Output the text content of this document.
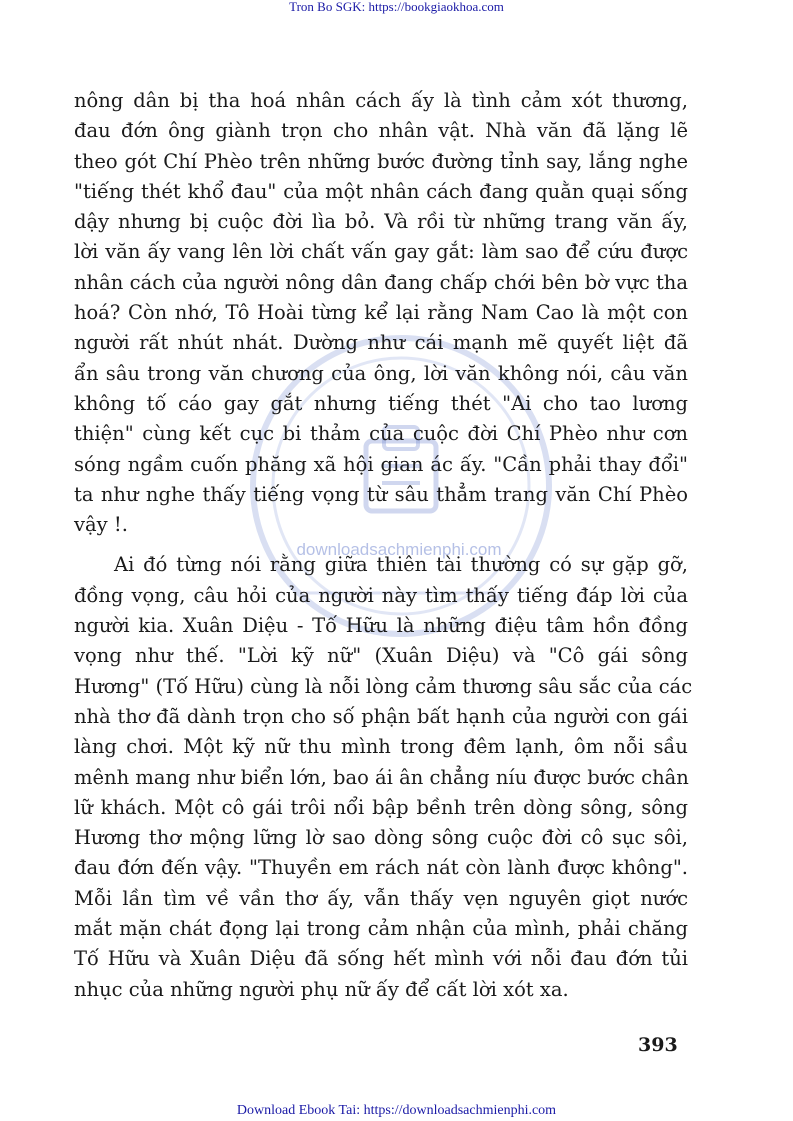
Tron Bo SGK: https://bookgiaokhoa.com
downloadsachmienphi.com

nông dân bị tha hoá nhân cách ấy là tình cảm xót thương,
đau đớn ông giành trọn cho nhân vật. Nhà văn đã lặng lẽ
theo gót Chí Phèo trên những bước đường tỉnh say, lắng nghe
"tiếng thét khổ đau" của một nhân cách đang quằn quại sống
dậy nhưng bị cuộc đời lìa bỏ. Và rồi từ những trang văn ấy,
lời văn ấy vang lên lời chất vấn gay gắt: làm sao để cứu được
nhân cách của người nông dân đang chấp chới bên bờ vực tha
hoá? Còn nhớ, Tô Hoài từng kể lại rằng Nam Cao là một con
người rất nhút nhát. Dường như cái mạnh mẽ quyết liệt đã
ẩn sâu trong văn chương của ông, lời văn không nói, câu văn
không tố cáo gay gắt nhưng tiếng thét "Ai cho tao lương
thiện" cùng kết cục bi thảm của cuộc đời Chí Phèo như cơn
sóng ngầm cuốn phăng xã hội gian ác ấy. "Cần phải thay đổi"
ta như nghe thấy tiếng vọng từ sâu thẳm trang văn Chí Phèo
vậy !.

Ai đó từng nói rằng giữa thiên tài thường có sự gặp gỡ,
đồng vọng, câu hỏi của người này tìm thấy tiếng đáp lời của
người kia. Xuân Diệu - Tố Hữu là những điệu tâm hồn đồng
vọng như thế. "Lời kỹ nữ" (Xuân Diệu) và "Cô gái sông
Hương" (Tố Hữu) cùng là nỗi lòng cảm thương sâu sắc của các
nhà thơ đã dành trọn cho số phận bất hạnh của người con gái
làng chơi. Một kỹ nữ thu mình trong đêm lạnh, ôm nỗi sầu
mênh mang như biển lớn, bao ái ân chẳng níu được bước chân
lữ khách. Một cô gái trôi nổi bập bềnh trên dòng sông, sông
Hương thơ mộng lững lờ sao dòng sông cuộc đời cô sục sôi,
đau đớn đến vậy. "Thuyền em rách nát còn lành được không".
Mỗi lần tìm về vần thơ ấy, vẫn thấy vẹn nguyên giọt nước
mắt mặn chát đọng lại trong cảm nhận của mình, phải chăng
Tố Hữu và Xuân Diệu đã sống hết mình với nỗi đau đớn tủi
nhục của những người phụ nữ ấy để cất lời xót xa.

393
Download Ebook Tai: https://downloadsachmienphi.com
